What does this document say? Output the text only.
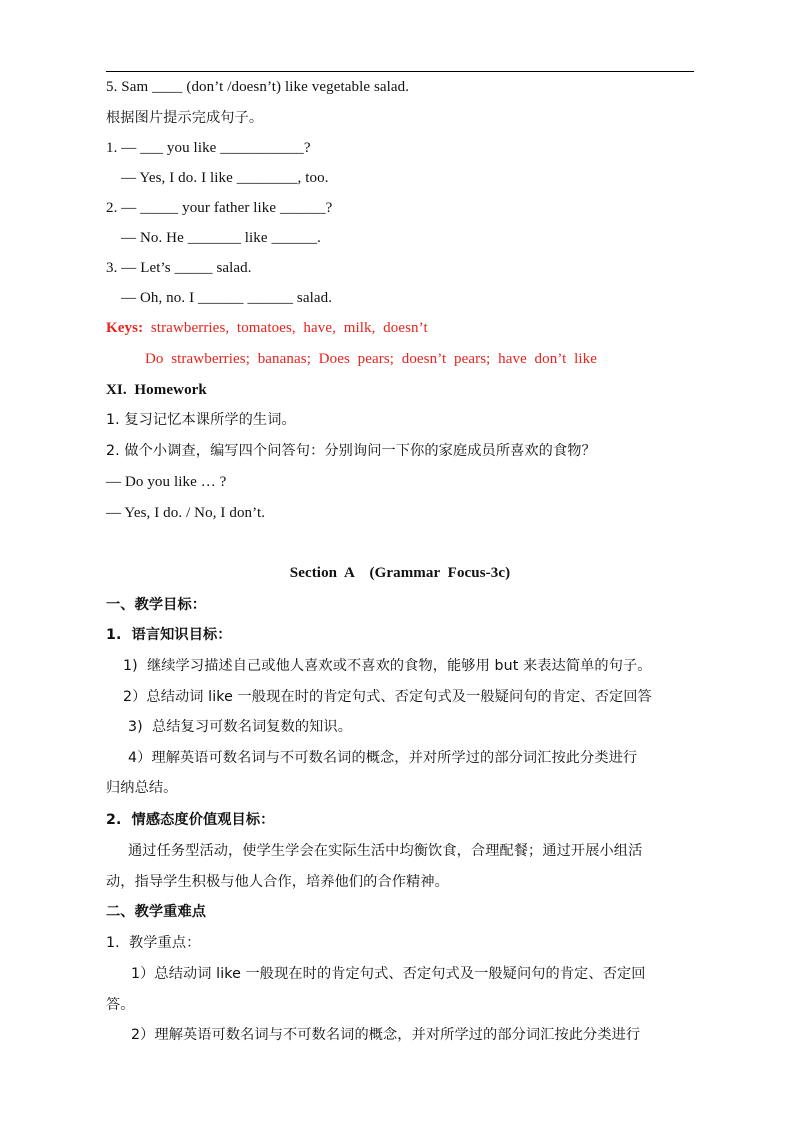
5. Sam ____ (don’t /doesn’t) like vegetable salad.
根据图片提示完成句子。
1. — ___ you like ___________?
— Yes, I do. I like ________, too.
2. — _____ your father like ______?
— No. He _______ like ______.
3. — Let’s _____ salad.
— Oh, no. I ______ ______ salad.
Keys: strawberries,  tomatoes,  have,  milk,  doesn’t
Do  strawberries;  bananas;  Does  pears;  doesn’t  pears;  have  don’t  like
XI.  Homework
1. 复习记忆本课所学的生词。
2. 做个小调查，编写四个问答句：分别询问一下你的家庭成员所喜欢的食物？
— Do you like … ?
— Yes, I do. / No, I don’t.
Section  A    (Grammar  Focus-3c)
一、教学目标：
1.  语言知识目标：
1)  继续学习描述自己或他人喜欢或不喜欢的食物，能够用 but 来表达简单的句子。
2）总结动词 like 一般现在时的肯定句式、否定句式及一般疑问句的肯定、否定回答
3)  总结复习可数名词复数的知识。
4）理解英语可数名词与不可数名词的概念，并对所学过的部分词汇按此分类进行
归纳总结。
2.  情感态度价值观目标：
通过任务型活动，使学生学会在实际生活中均衡饮食，合理配餐；通过开展小组活
动，指导学生积极与他人合作，培养他们的合作精神。
二、教学重难点
1.  教学重点：
1）总结动词 like 一般现在时的肯定句式、否定句式及一般疑问句的肯定、否定回
答。
2）理解英语可数名词与不可数名词的概念，并对所学过的部分词汇按此分类进行
